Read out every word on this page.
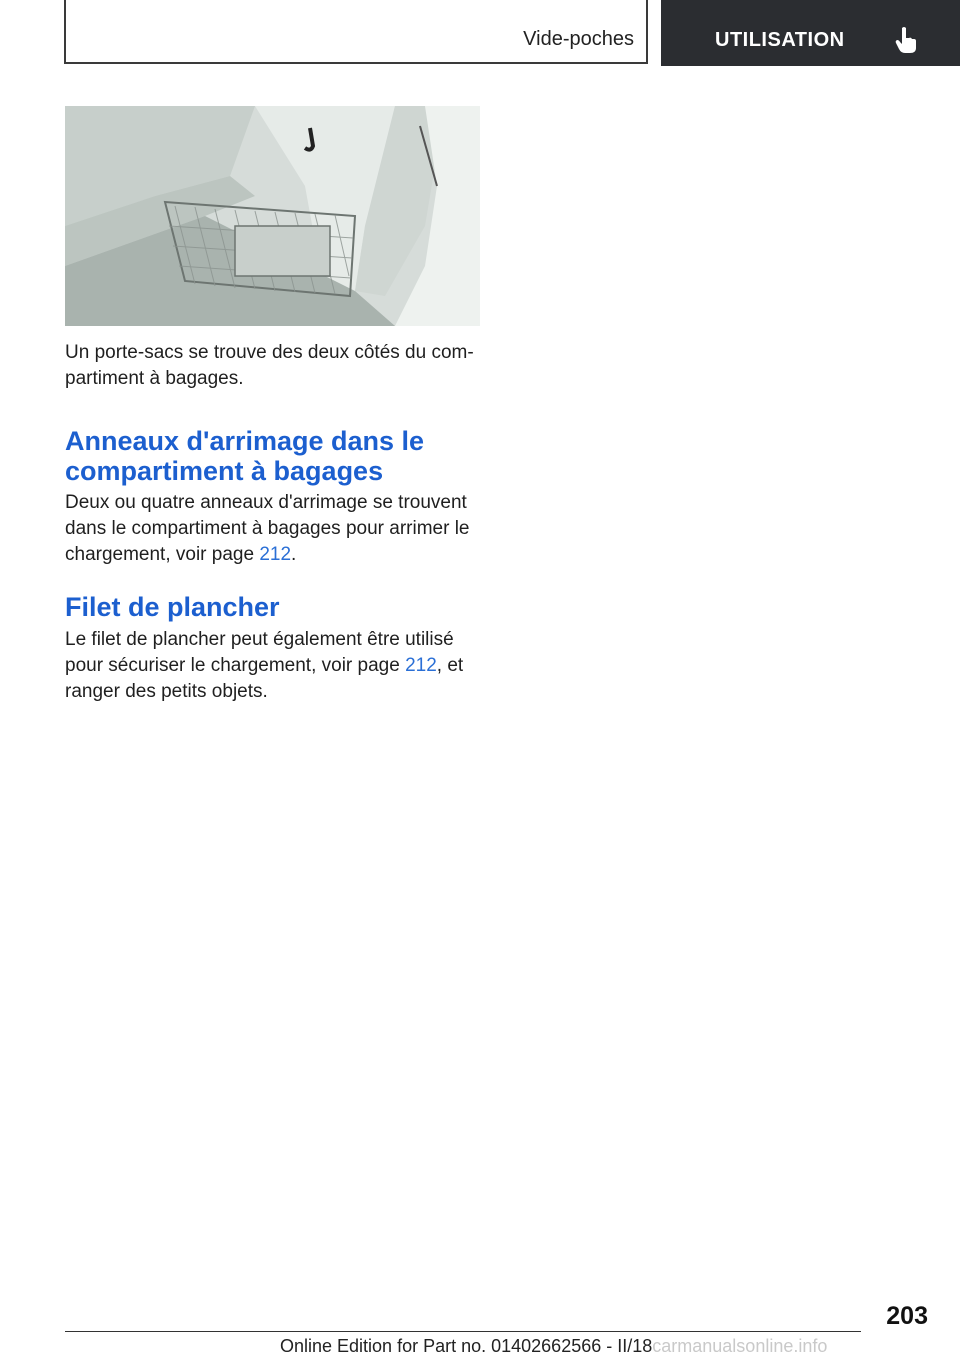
Vide-poches	UTILISATION

Un porte-sacs se trouve des deux côtés du com-
partiment à bagages.

Anneaux d'arrimage dans le
compartiment à bagages

Deux ou quatre anneaux d'arrimage se trouvent
dans le compartiment à bagages pour arrimer le
chargement, voir page 212.

Filet de plancher

Le filet de plancher peut également être utilisé
pour sécuriser le chargement, voir page 212, et
ranger des petits objets.

203
Online Edition for Part no. 01402662566 - II/18carmanualsonline.info
